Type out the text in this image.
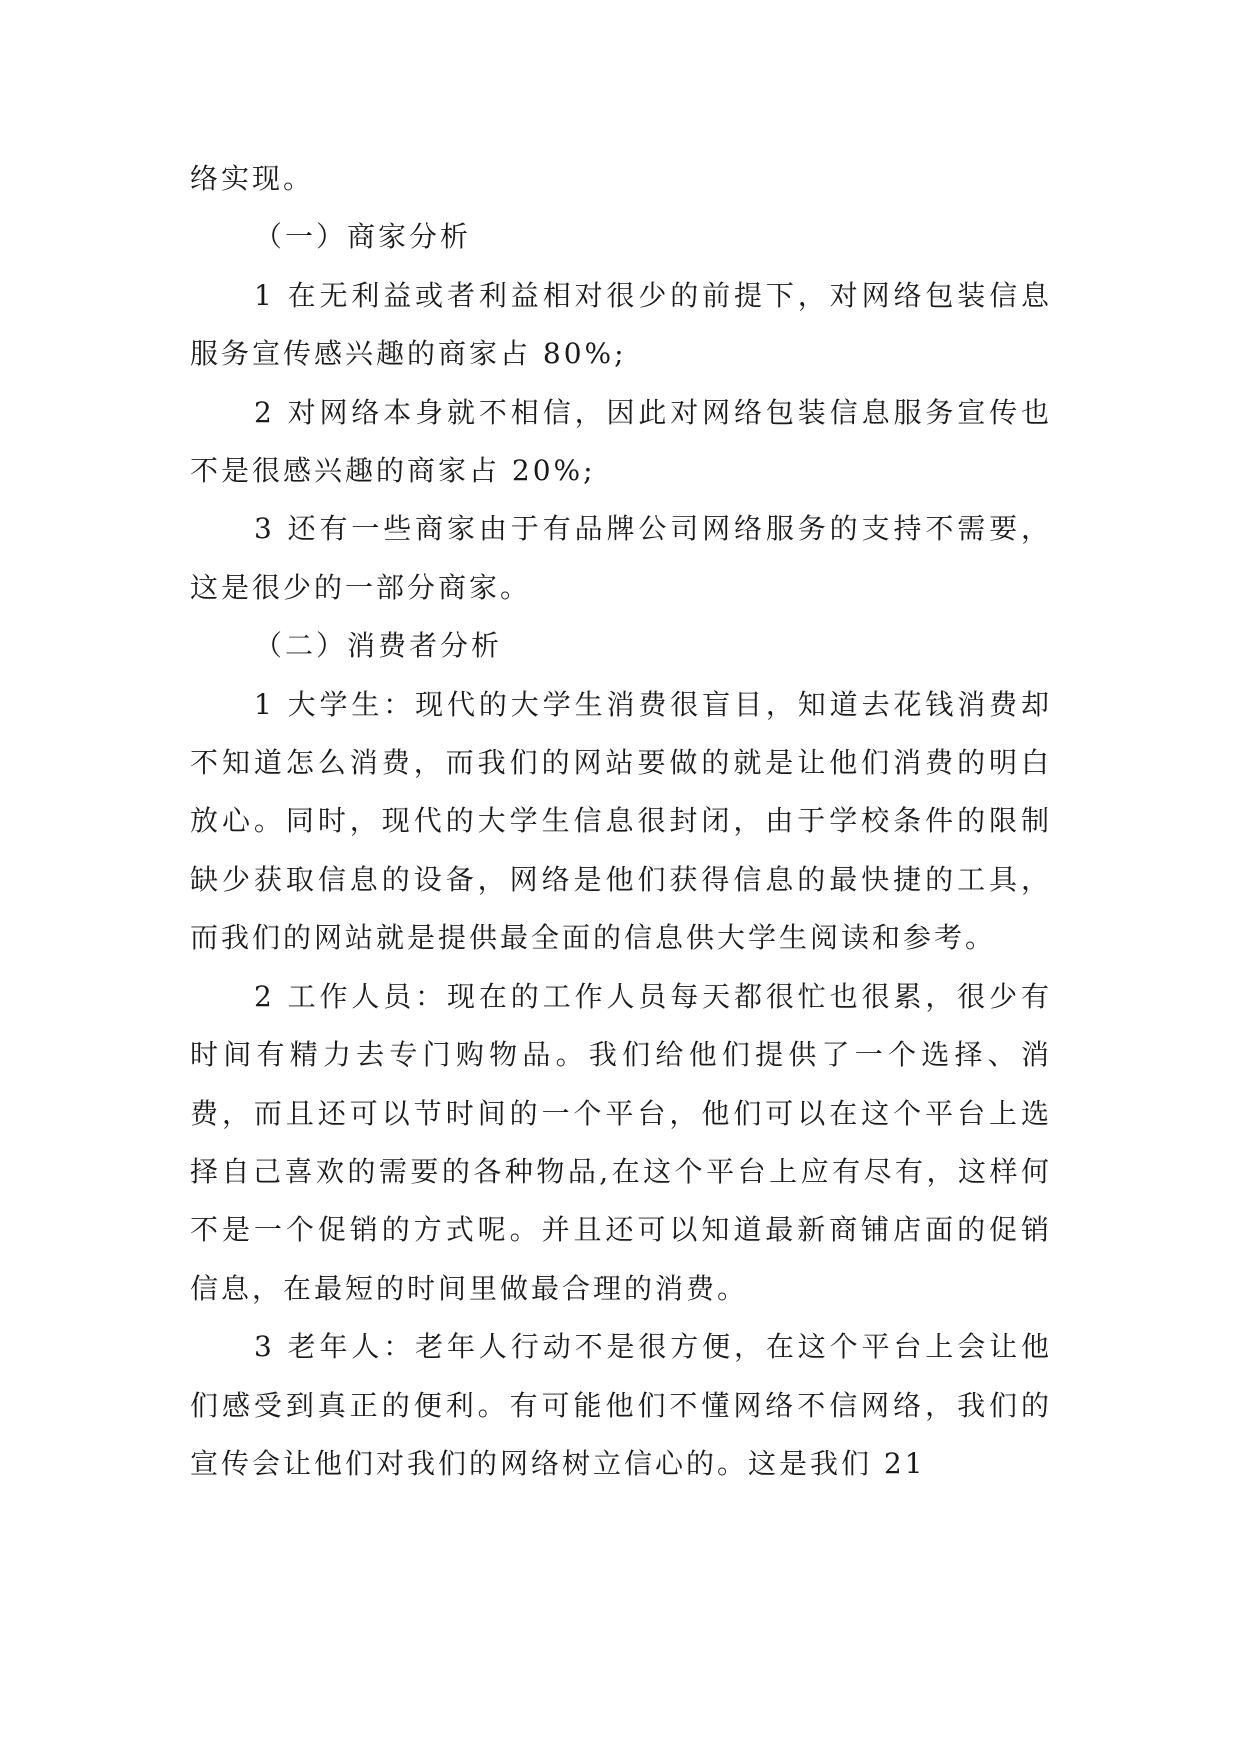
络实现。

（一）商家分析

1 在无利益或者利益相对很少的前提下，对网络包装信息服务宣传感兴趣的商家占 80%;

2 对网络本身就不相信，因此对网络包装信息服务宣传也不是很感兴趣的商家占 20%;

3 还有一些商家由于有品牌公司网络服务的支持不需要，这是很少的一部分商家。

（二）消费者分析

1 大学生：现代的大学生消费很盲目，知道去花钱消费却不知道怎么消费，而我们的网站要做的就是让他们消费的明白放心。同时，现代的大学生信息很封闭，由于学校条件的限制缺少获取信息的设备，网络是他们获得信息的最快捷的工具，而我们的网站就是提供最全面的信息供大学生阅读和参考。

2 工作人员：现在的工作人员每天都很忙也很累，很少有时间有精力去专门购物品。我们给他们提供了一个选择、消费，而且还可以节时间的一个平台，他们可以在这个平台上选择自己喜欢的需要的各种物品,在这个平台上应有尽有，这样何不是一个促销的方式呢。并且还可以知道最新商铺店面的促销信息，在最短的时间里做最合理的消费。

3 老年人：老年人行动不是很方便，在这个平台上会让他们感受到真正的便利。有可能他们不懂网络不信网络，我们的宣传会让他们对我们的网络树立信心的。这是我们 21
